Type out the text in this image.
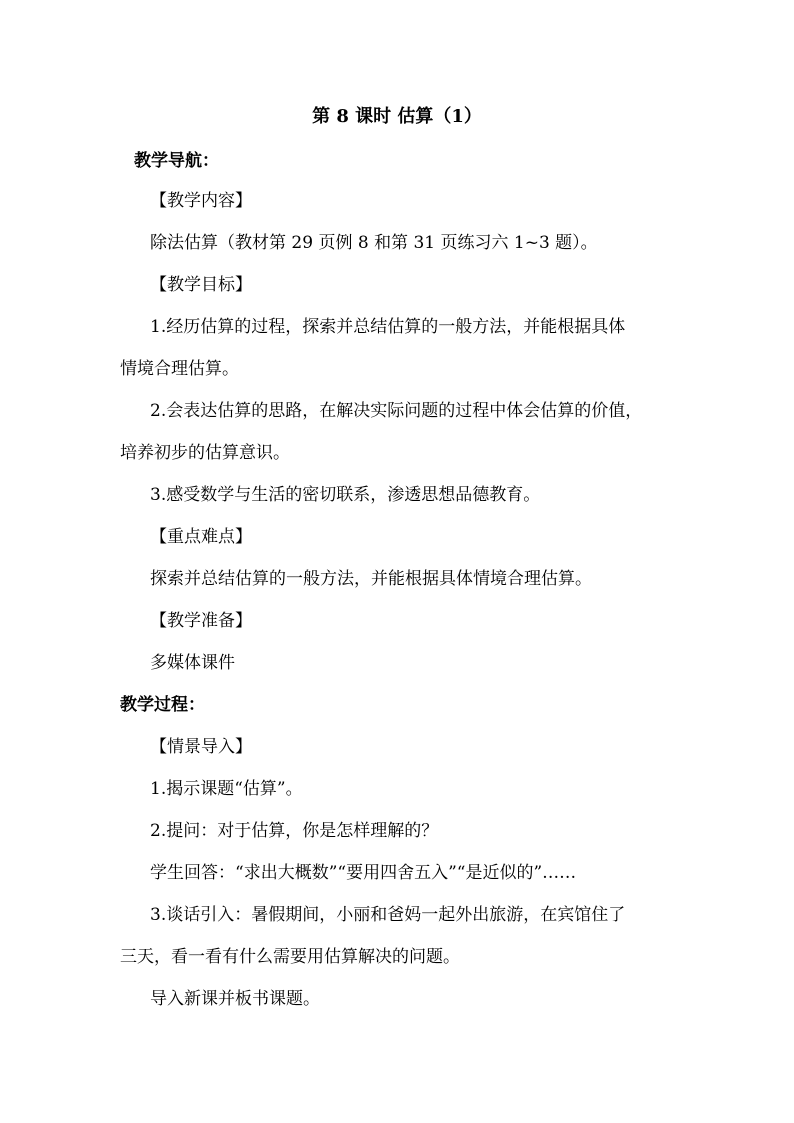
第 8 课时 估算（1）
教学导航：
【教学内容】
除法估算（教材第 29 页例 8 和第 31 页练习六 1~3 题）。
【教学目标】
1.经历估算的过程，探索并总结估算的一般方法，并能根据具体
情境合理估算。
2.会表达估算的思路，在解决实际问题的过程中体会估算的价值，
培养初步的估算意识。
3.感受数学与生活的密切联系，渗透思想品德教育。
【重点难点】
探索并总结估算的一般方法，并能根据具体情境合理估算。
【教学准备】
多媒体课件
教学过程：
【情景导入】
1.揭示课题“估算”。
2.提问：对于估算，你是怎样理解的？
学生回答：“求出大概数”“要用四舍五入”“是近似的”……
3.谈话引入：暑假期间，小丽和爸妈一起外出旅游，在宾馆住了
三天，看一看有什么需要用估算解决的问题。
导入新课并板书课题。
